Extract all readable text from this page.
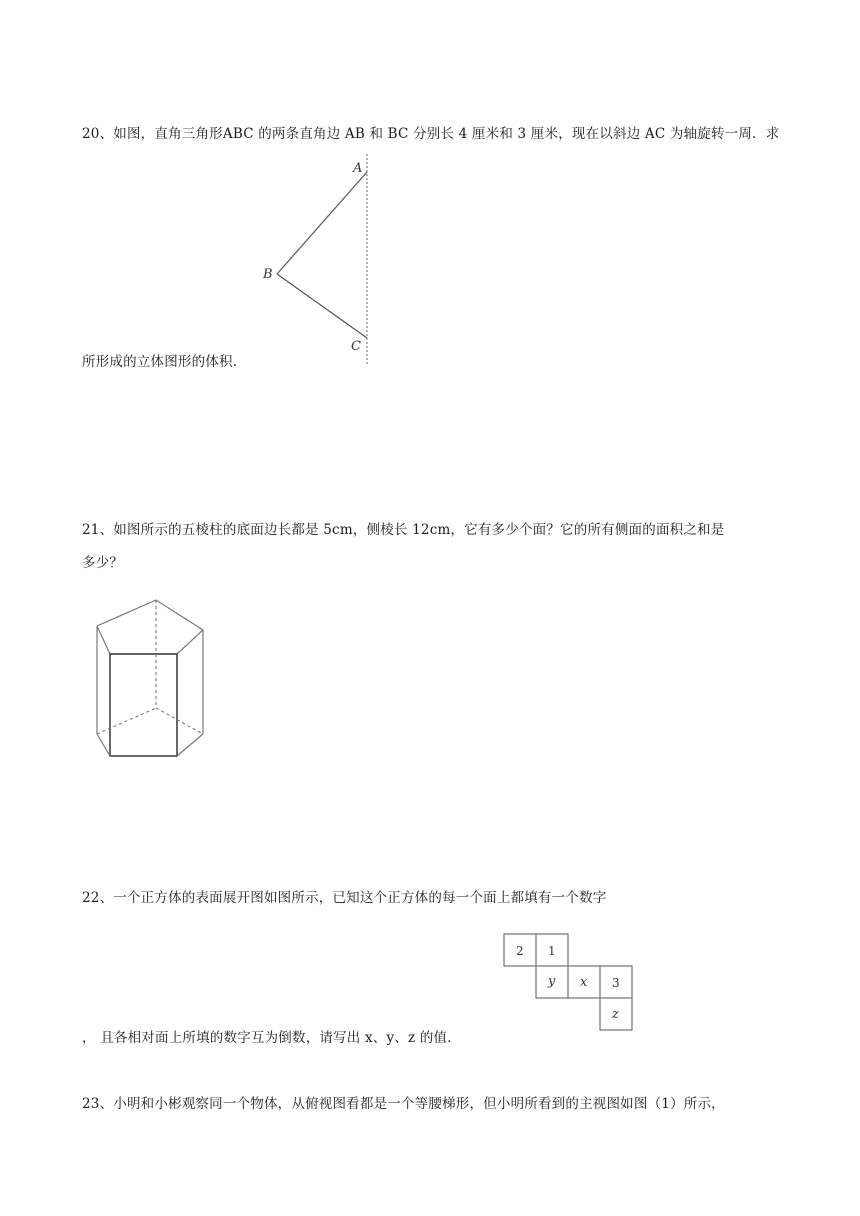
20、如图，直角三角形ABC 的两条直角边 AB 和 BC 分别长 4 厘米和 3 厘米，现在以斜边 AC 为轴旋转一周．求
A
B
C
所形成的立体图形的体积．
21、如图所示的五棱柱的底面边长都是 5cm，侧棱长 12cm，它有多少个面？它的所有侧面的面积之和是
多少？
22、一个正方体的表面展开图如图所示，已知这个正方体的每一个面上都填有一个数字
2 1
y x 3
z
， 且各相对面上所填的数字互为倒数，请写出 x、y、z 的值．
23、小明和小彬观察同一个物体，从俯视图看都是一个等腰梯形，但小明所看到的主视图如图（1）所示，
